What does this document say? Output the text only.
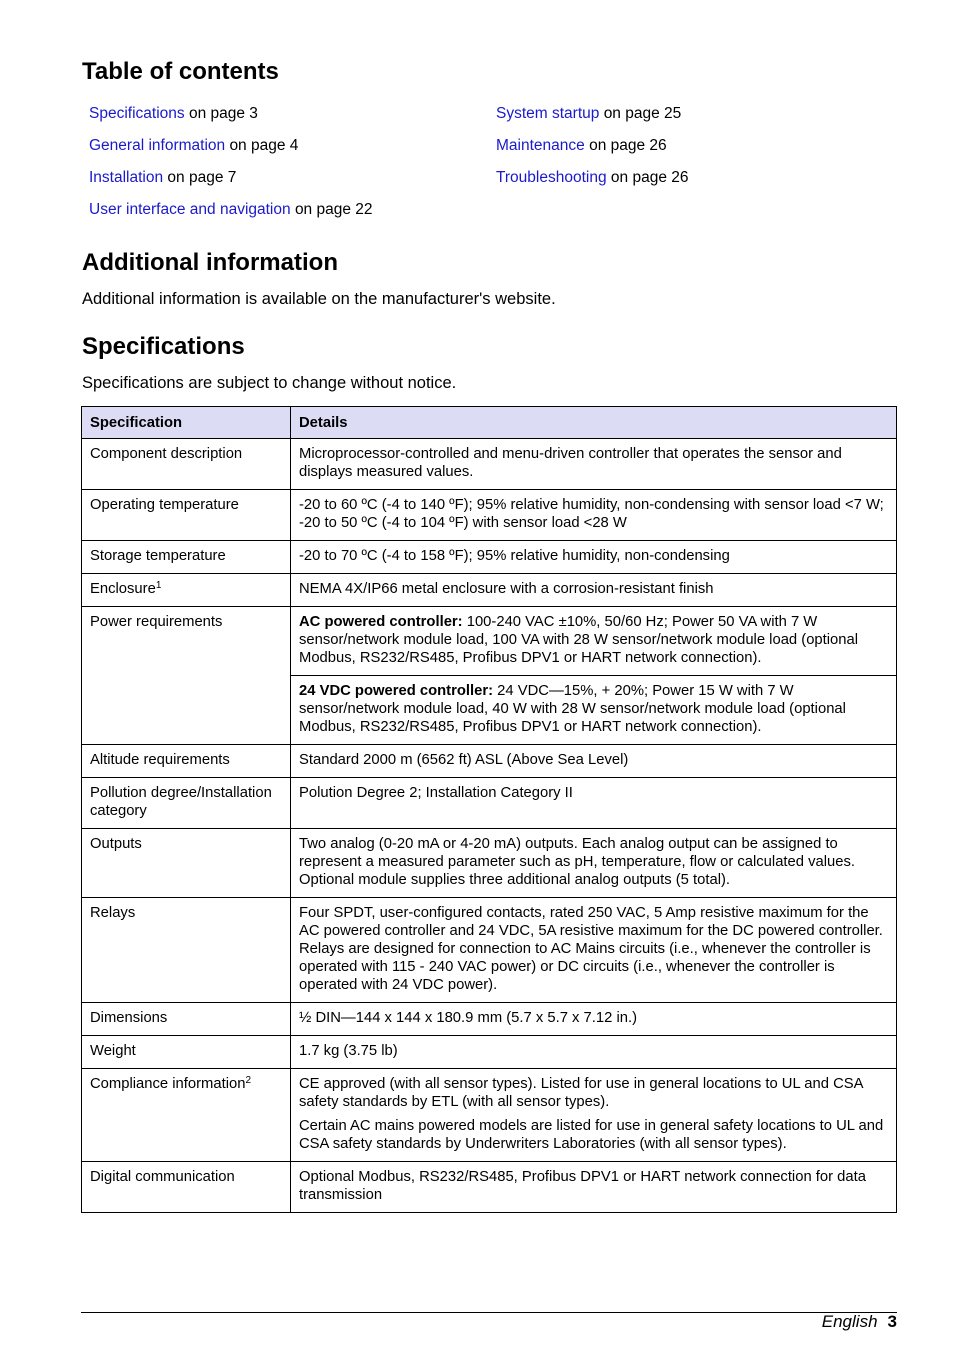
Table of contents
Specifications on page 3
General information on page 4
Installation on page 7
User interface and navigation on page 22
System startup on page 25
Maintenance on page 26
Troubleshooting on page 26
Additional information
Additional information is available on the manufacturer's website.
Specifications
Specifications are subject to change without notice.
Specification	Details
Component description	Microprocessor-controlled and menu-driven controller that operates the sensor and displays measured values.
Operating temperature	-20 to 60 ºC (-4 to 140 ºF); 95% relative humidity, non-condensing with sensor load <7 W; -20 to 50 ºC (-4 to 104 ºF) with sensor load <28 W
Storage temperature	-20 to 70 ºC (-4 to 158 ºF); 95% relative humidity, non-condensing
Enclosure$^1$	NEMA 4X/IP66 metal enclosure with a corrosion-resistant finish
Power requirements	AC powered controller: 100-240 VAC ±10%, 50/60 Hz; Power 50 VA with 7 W sensor/network module load, 100 VA with 28 W sensor/network module load (optional Modbus, RS232/RS485, Profibus DPV1 or HART network connection).
	24 VDC powered controller: 24 VDC—15%, + 20%; Power 15 W with 7 W sensor/network module load, 40 W with 28 W sensor/network module load (optional Modbus, RS232/RS485, Profibus DPV1 or HART network connection).
Altitude requirements	Standard 2000 m (6562 ft) ASL (Above Sea Level)
Pollution degree/Installation category	Polution Degree 2; Installation Category II
Outputs	Two analog (0-20 mA or 4-20 mA) outputs. Each analog output can be assigned to represent a measured parameter such as pH, temperature, flow or calculated values. Optional module supplies three additional analog outputs (5 total).
Relays	Four SPDT, user-configured contacts, rated 250 VAC, 5 Amp resistive maximum for the AC powered controller and 24 VDC, 5A resistive maximum for the DC powered controller. Relays are designed for connection to AC Mains circuits (i.e., whenever the controller is operated with 115 - 240 VAC power) or DC circuits (i.e., whenever the controller is operated with 24 VDC power).
Dimensions	½ DIN—144 x 144 x 180.9 mm (5.7 x 5.7 x 7.12 in.)
Weight	1.7 kg (3.75 lb)
Compliance information$^2$	CE approved (with all sensor types). Listed for use in general locations to UL and CSA safety standards by ETL (with all sensor types).

Certain AC mains powered models are listed for use in general safety locations to UL and CSA safety standards by Underwriters Laboratories (with all sensor types).

Digital communication	Optional Modbus, RS232/RS485, Profibus DPV1 or HART network connection for data transmission
English 3
